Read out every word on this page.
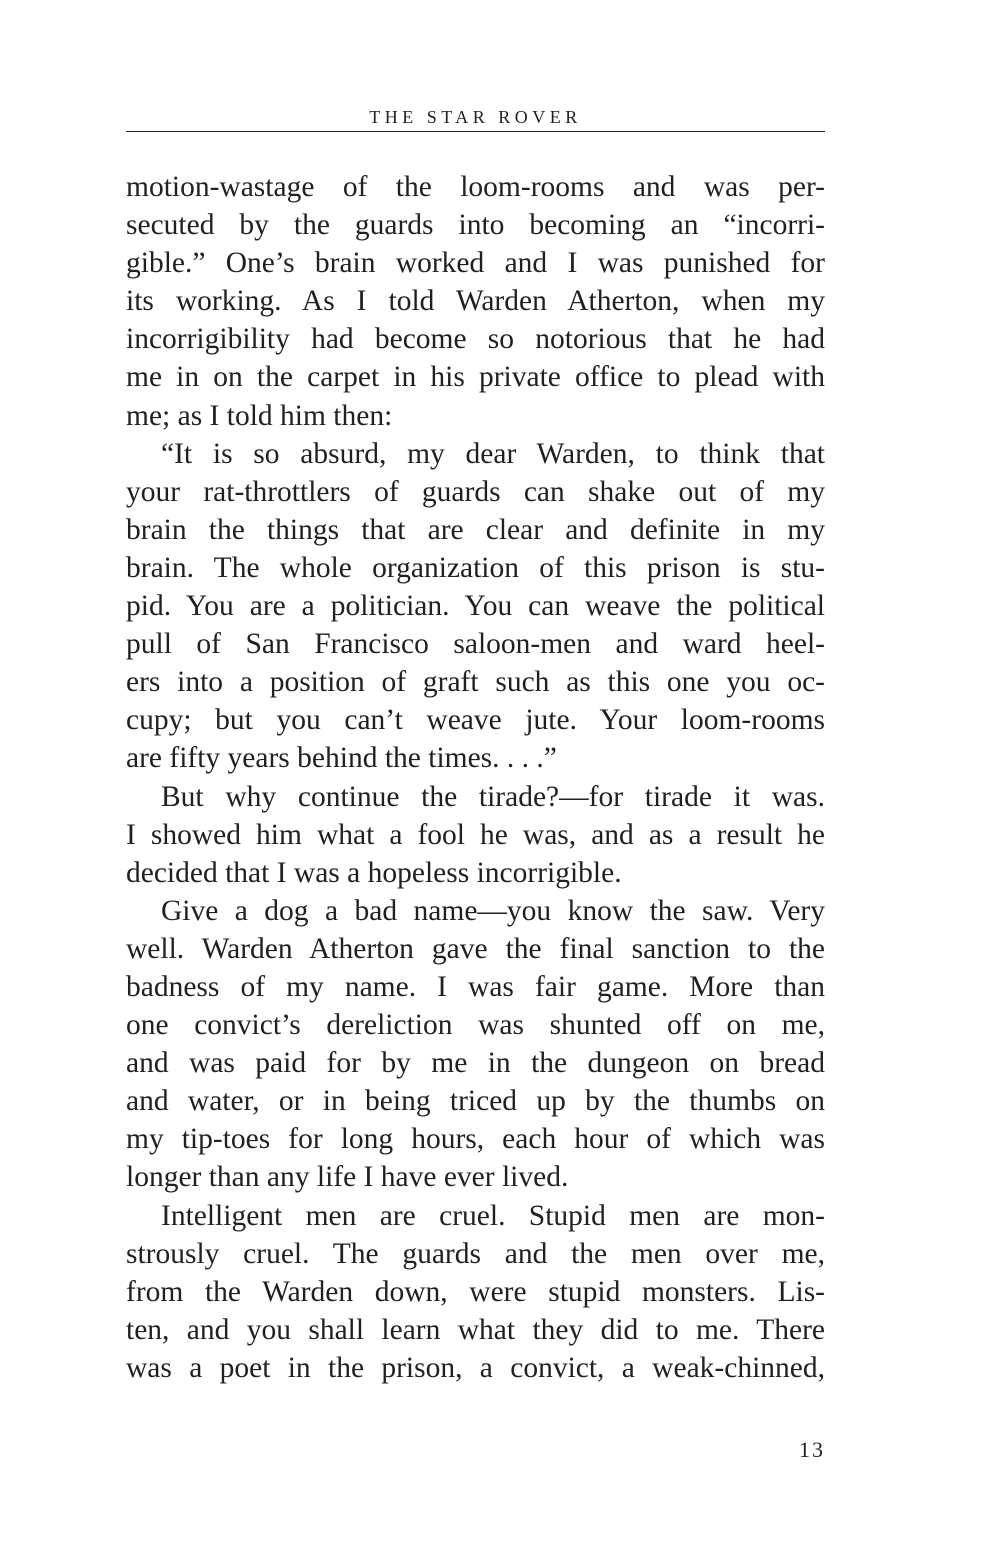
THE STAR ROVER
motion-wastage of the loom-rooms and was per-
secuted by the guards into becoming an “incorri-
gible.” One’s brain worked and I was punished for
its working. As I told Warden Atherton, when my
incorrigibility had become so notorious that he had
me in on the carpet in his private office to plead with
me; as I told him then:
“It is so absurd, my dear Warden, to think that
your rat-throttlers of guards can shake out of my
brain the things that are clear and definite in my
brain. The whole organization of this prison is stu-
pid. You are a politician. You can weave the political
pull of San Francisco saloon-men and ward heel-
ers into a position of graft such as this one you oc-
cupy; but you can’t weave jute. Your loom-rooms
are fifty years behind the times. . . .”
But why continue the tirade?—for tirade it was.
I showed him what a fool he was, and as a result he
decided that I was a hopeless incorrigible.
Give a dog a bad name—you know the saw. Very
well. Warden Atherton gave the final sanction to the
badness of my name. I was fair game. More than
one convict’s dereliction was shunted off on me,
and was paid for by me in the dungeon on bread
and water, or in being triced up by the thumbs on
my tip-toes for long hours, each hour of which was
longer than any life I have ever lived.
Intelligent men are cruel. Stupid men are mon-
strously cruel. The guards and the men over me,
from the Warden down, were stupid monsters. Lis-
ten, and you shall learn what they did to me. There
was a poet in the prison, a convict, a weak-chinned,
13
